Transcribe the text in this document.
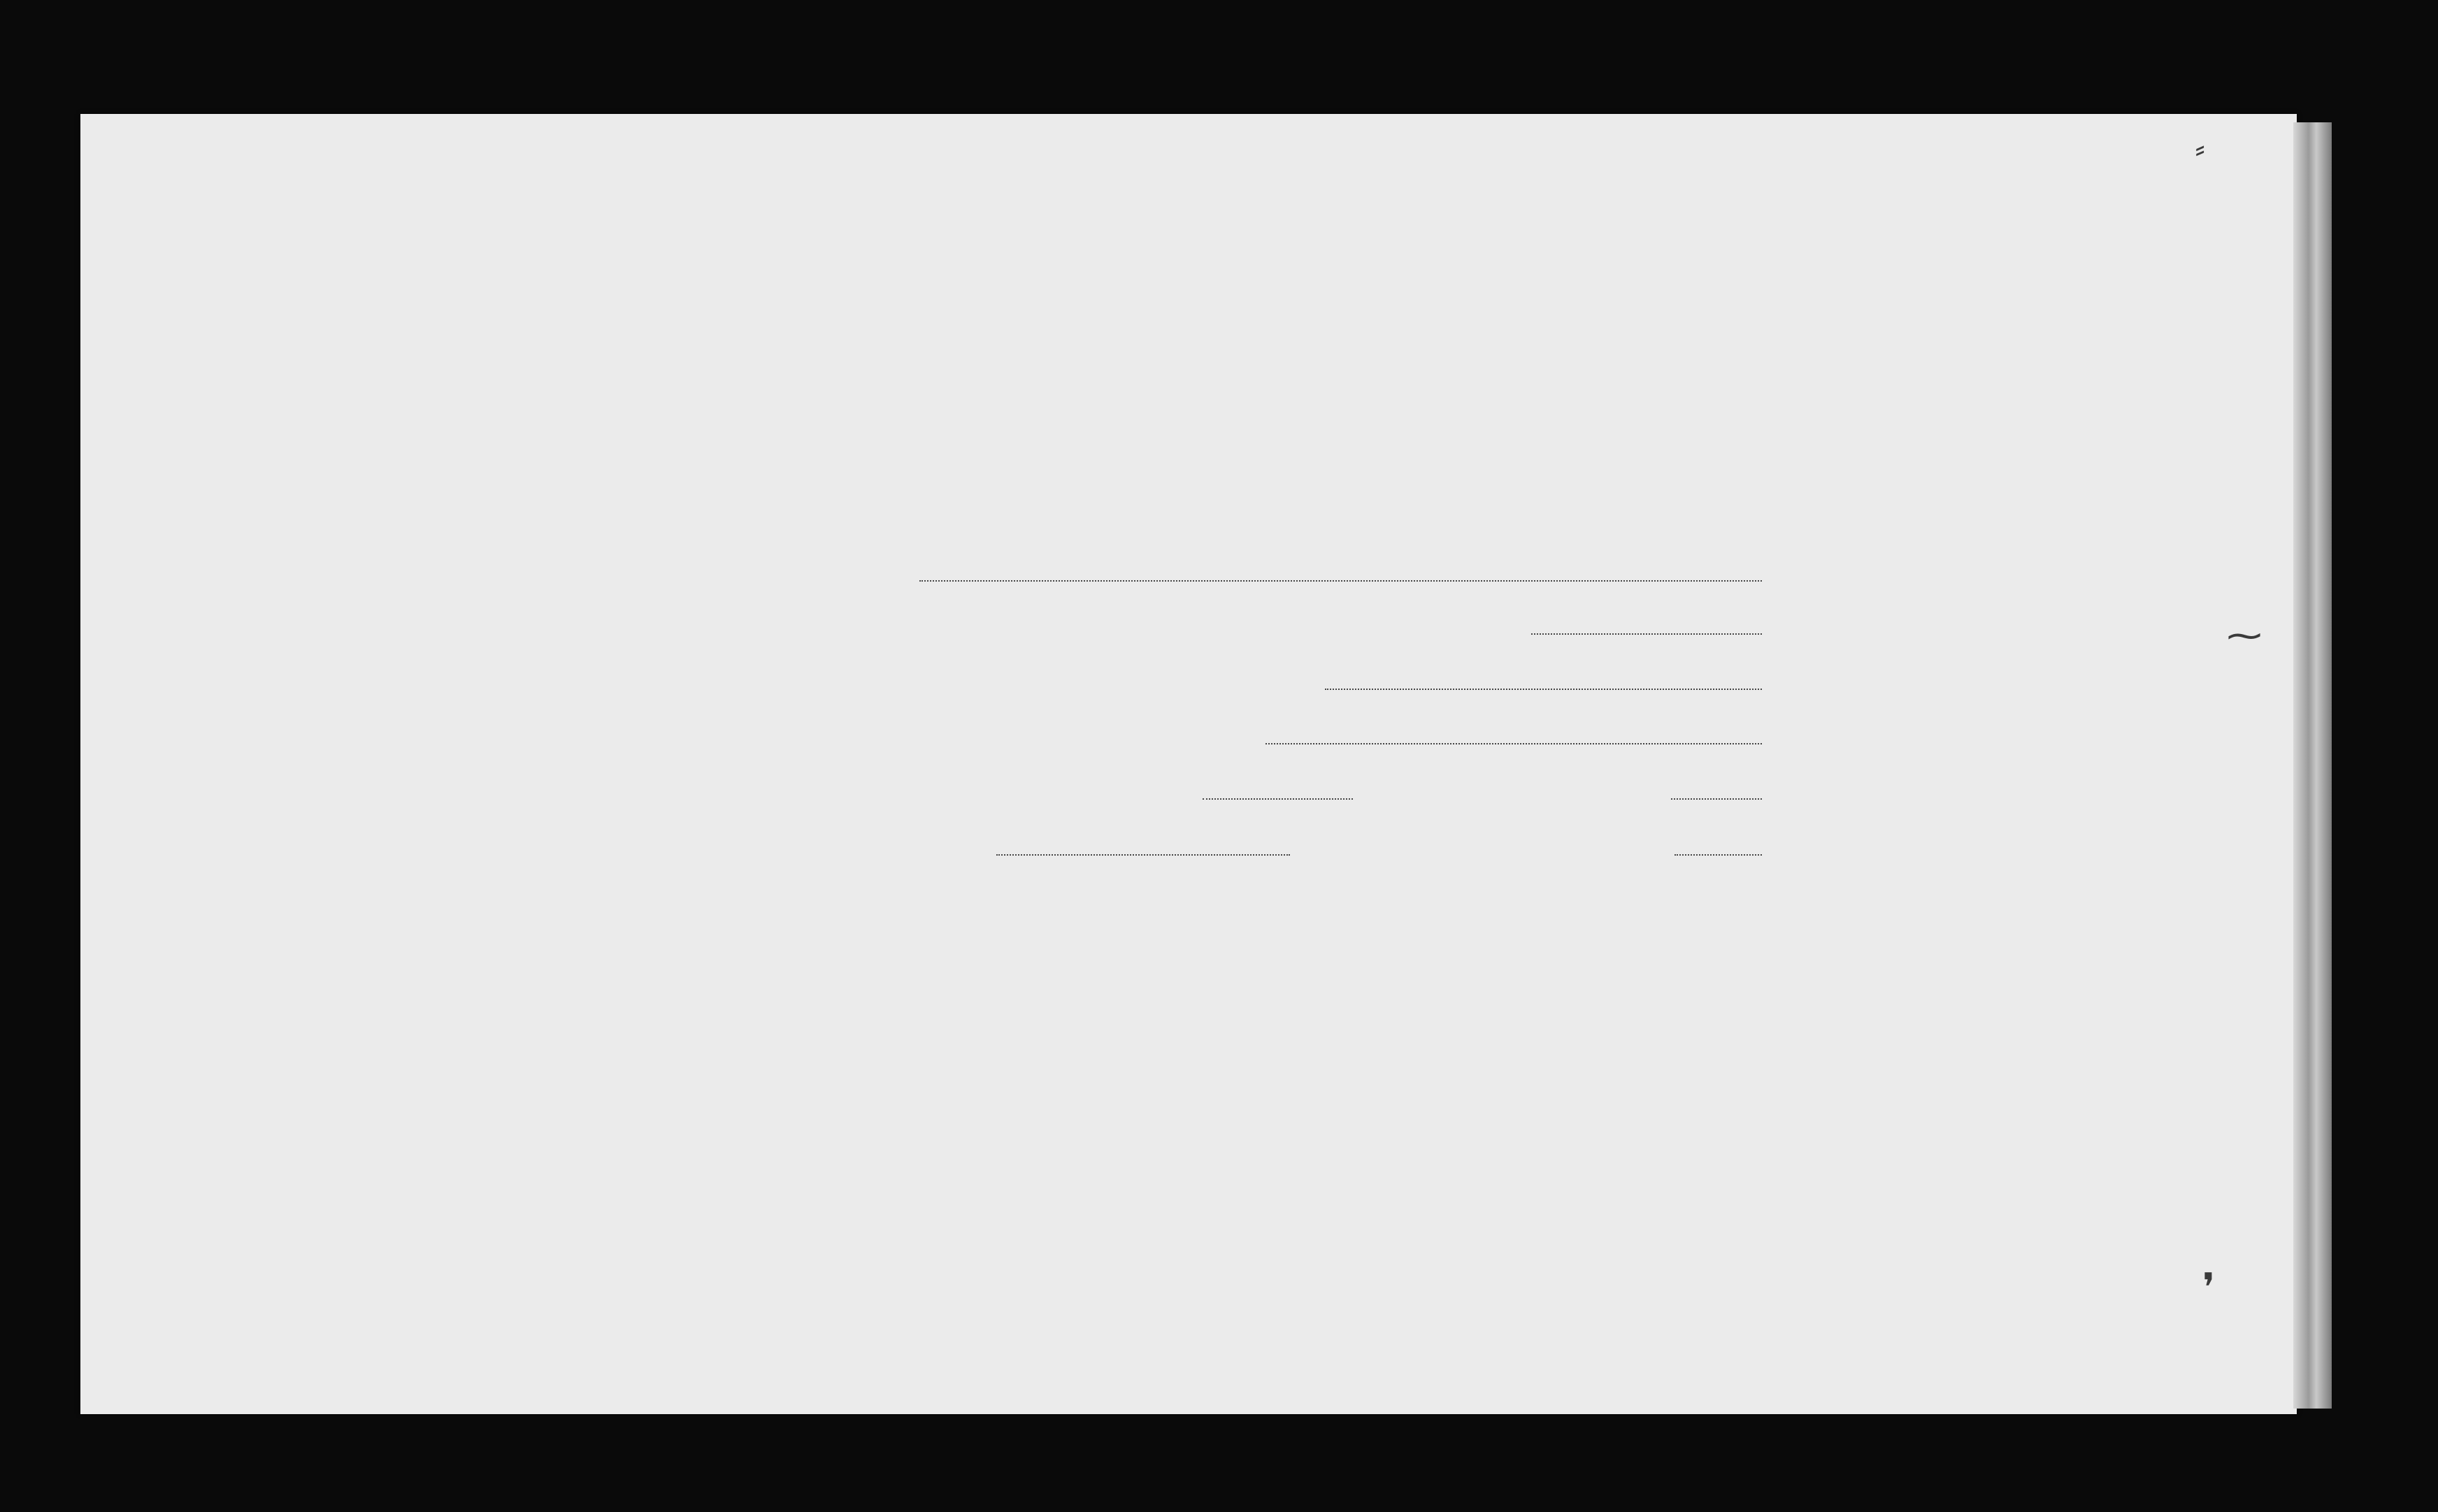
⸗
⁓
❜
